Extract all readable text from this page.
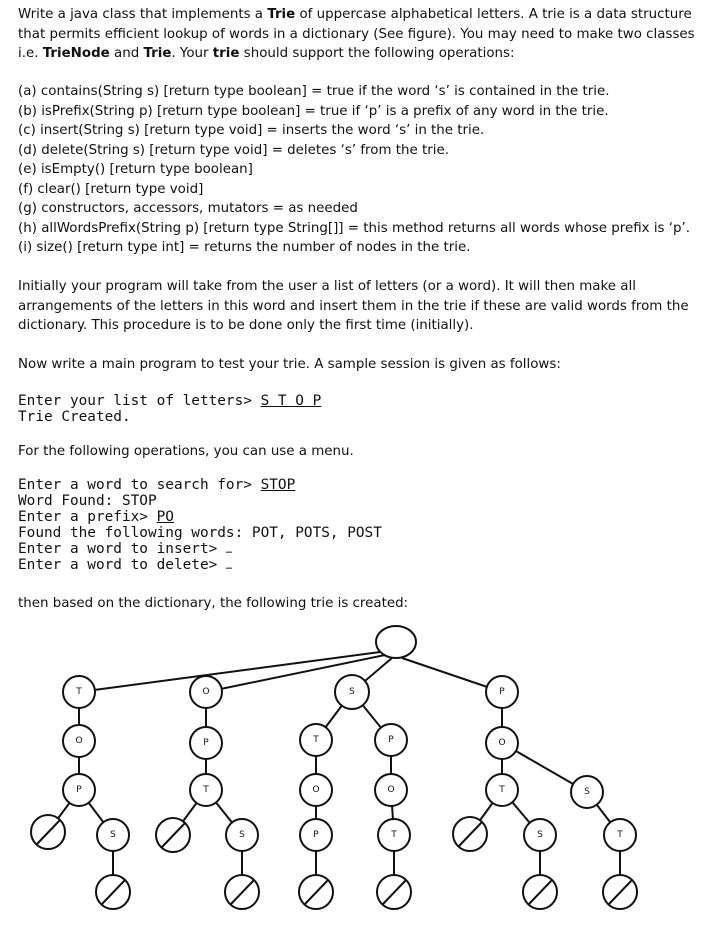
Write a java class that implements a Trie of uppercase alphabetical letters. A trie is a data structure that permits efficient lookup of words in a dictionary (See figure). You may need to make two classes i.e. TrieNode and Trie. Your trie should support the following operations:
(a) contains(String s) [return type boolean] = true if the word ‘s’ is contained in the trie.
(b) isPrefix(String p) [return type boolean] = true if ‘p’ is a prefix of any word in the trie.
(c) insert(String s) [return type void] = inserts the word ‘s’ in the trie.
(d) delete(String s) [return type void] = deletes ‘s’ from the trie.
(e) isEmpty() [return type boolean]
(f) clear() [return type void]
(g) constructors, accessors, mutators = as needed
(h) allWordsPrefix(String p) [return type String[]] = this method returns all words whose prefix is ‘p’.
(i) size() [return type int] = returns the number of nodes in the trie.
Initially your program will take from the user a list of letters (or a word). It will then make all arrangements of the letters in this word and insert them in the trie if these are valid words from the dictionary. This procedure is to be done only the first time (initially).
Now write a main program to test your trie. A sample session is given as follows:
Enter your list of letters> S T O P
Trie Created.
For the following operations, you can use a menu.
Enter a word to search for> STOP
Word Found: STOP
Enter a prefix> PO
Found the following words: POT, POTS, POST
Enter a word to insert> …
Enter a word to delete> …
then based on the dictionary, the following trie is created:
T
O
P
S
O
P
T
S
S
T
O
P
P
O
T
P
O
T	S
S	T
